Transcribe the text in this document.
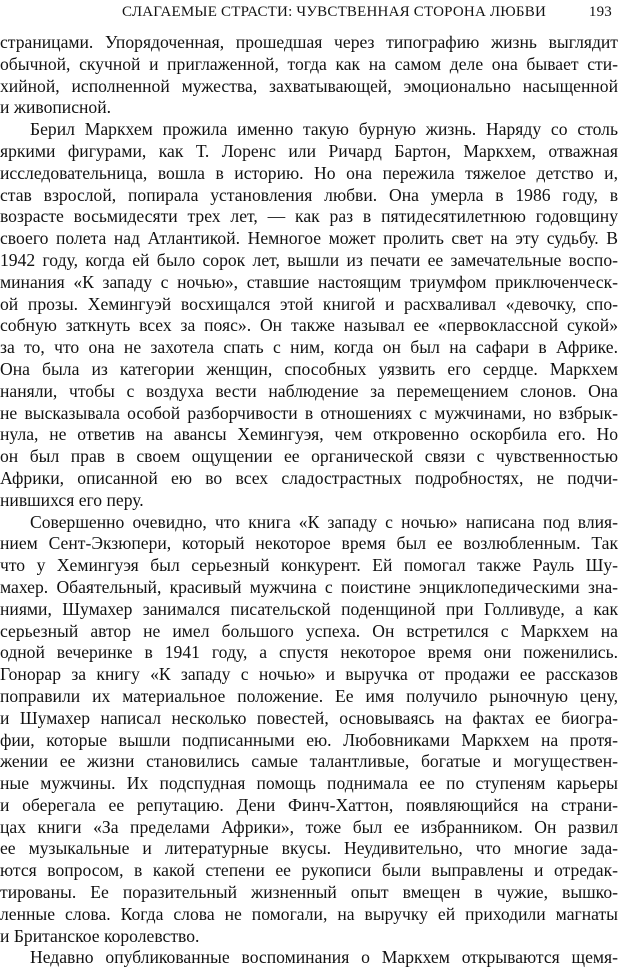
СЛАГАЕМЫЕ СТРАСТИ: ЧУВСТВЕННАЯ СТОРОНА ЛЮБВИ	193
страницами. Упорядоченная, прошедшая через типографию жизнь выглядит
обычной, скучной и приглаженной, тогда как на самом деле она бывает сти-
хийной, исполненной мужества, захватывающей, эмоционально насыщенной
и живописной.
Берил Маркхем прожила именно такую бурную жизнь. Наряду со столь
яркими фигурами, как Т. Лоренс или Ричард Бартон, Маркхем, отважная
исследовательница, вошла в историю. Но она пережила тяжелое детство и,
став взрослой, попирала установления любви. Она умерла в 1986 году, в
возрасте восьмидесяти трех лет, — как раз в пятидесятилетнюю годовщину
своего полета над Атлантикой. Немногое может пролить свет на эту судьбу. В
1942 году, когда ей было сорок лет, вышли из печати ее замечательные воспо-
минания «К западу с ночью», ставшие настоящим триумфом приключенческ-
ой прозы. Хемингуэй восхищался этой книгой и расхваливал «девочку, спо-
собную заткнуть всех за пояс». Он также называл ее «первоклассной сукой»
за то, что она не захотела спать с ним, когда он был на сафари в Африке.
Она была из категории женщин, способных уязвить его сердце. Маркхем
наняли, чтобы с воздуха вести наблюдение за перемещением слонов. Она
не высказывала особой разборчивости в отношениях с мужчинами, но взбрык-
нула, не ответив на авансы Хемингуэя, чем откровенно оскорбила его. Но
он был прав в своем ощущении ее органической связи с чувственностью
Африки, описанной ею во всех сладострастных подробностях, не подчи-
нившихся его перу.
Совершенно очевидно, что книга «К западу с ночью» написана под влия-
нием Сент-Экзюпери, который некоторое время был ее возлюбленным. Так
что у Хемингуэя был серьезный конкурент. Ей помогал также Рауль Шу-
махер. Обаятельный, красивый мужчина с поистине энциклопедическими зна-
ниями, Шумахер занимался писательской поденщиной при Голливуде, а как
серьезный автор не имел большого успеха. Он встретился с Маркхем на
одной вечеринке в 1941 году, а спустя некоторое время они поженились.
Гонорар за книгу «К западу с ночью» и выручка от продажи ее рассказов
поправили их материальное положение. Ее имя получило рыночную цену,
и Шумахер написал несколько повестей, основываясь на фактах ее биогра-
фии, которые вышли подписанными ею. Любовниками Маркхем на протя-
жении ее жизни становились самые талантливые, богатые и могуществен-
ные мужчины. Их подспудная помощь поднимала ее по ступеням карьеры
и оберегала ее репутацию. Дени Финч-Хаттон, появляющийся на страни-
цах книги «За пределами Африки», тоже был ее избранником. Он развил
ее музыкальные и литературные вкусы. Неудивительно, что многие зада-
ются вопросом, в какой степени ее рукописи были выправлены и отредак-
тированы. Ее поразительный жизненный опыт вмещен в чужие, вышко-
ленные слова. Когда слова не помогали, на выручку ей приходили магнаты
и Британское королевство.
Недавно опубликованные воспоминания о Маркхем открываются щемя-
